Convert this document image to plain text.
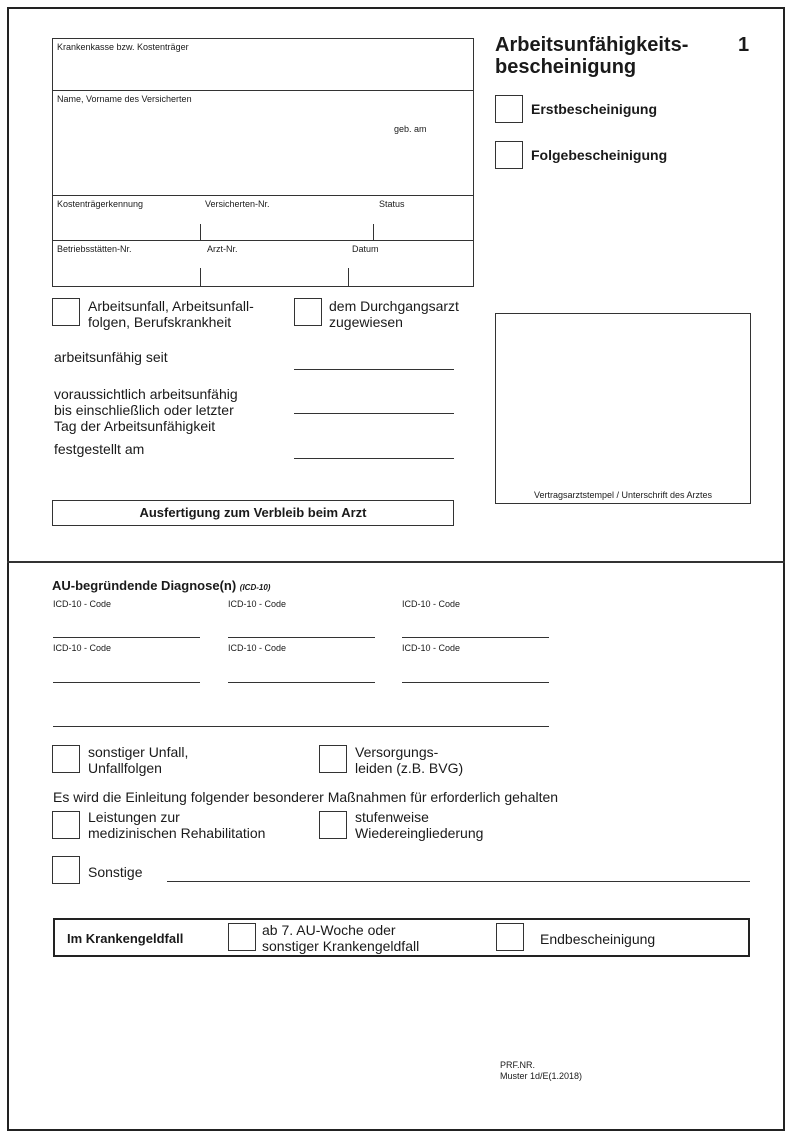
Arbeitsunfähigkeits-
bescheinigung
1
Erstbescheinigung
Folgebescheinigung
Krankenkasse bzw. Kostenträger
Name, Vorname des Versicherten
geb. am
Kostenträgerkennung	Versicherten-Nr.	Status
Betriebsstätten-Nr.	Arzt-Nr.	Datum
Arbeitsunfall, Arbeitsunfall-
folgen, Berufskrankheit
dem Durchgangsarzt
zugewiesen
arbeitsunfähig seit
voraussichtlich arbeitsunfähig
bis einschließlich oder letzter
Tag der Arbeitsunfähigkeit
festgestellt am
Vertragsarztstempel / Unterschrift des Arztes
Ausfertigung zum Verbleib beim Arzt
AU-begründende Diagnose(n) (ICD-10)
ICD-10 - Code	ICD-10 - Code	ICD-10 - Code
ICD-10 - Code	ICD-10 - Code	ICD-10 - Code
sonstiger Unfall,
Unfallfolgen
Versorgungs-
leiden (z.B. BVG)
Es wird die Einleitung folgender besonderer Maßnahmen für erforderlich gehalten
Leistungen zur
medizinischen Rehabilitation
stufenweise
Wiedereingliederung
Sonstige
Im Krankengeldfall
ab 7. AU-Woche oder
sonstiger Krankengeldfall	Endbescheinigung
PRF.NR.
Muster 1d/E(1.2018)
